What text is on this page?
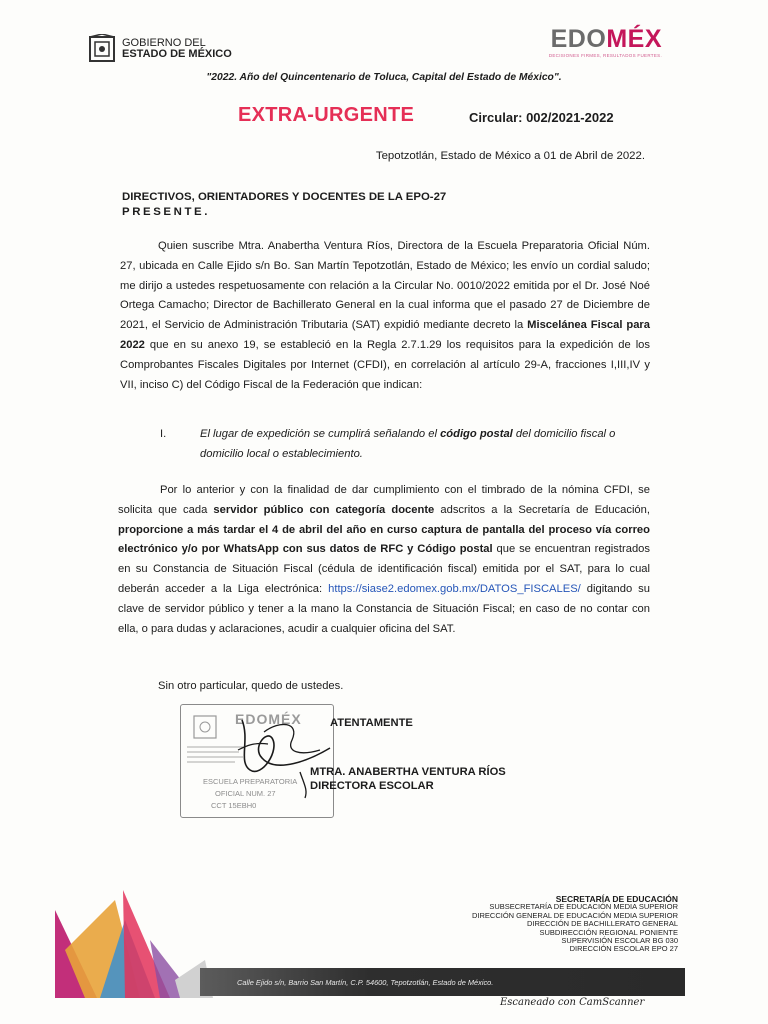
GOBIERNO DEL
ESTADO DE MÉXICO
EDOMÉX
DECISIONES FIRMES, RESULTADOS FUERTES.
"2022. Año del Quincentenario de Toluca, Capital del Estado de México".
EXTRA-URGENTE	Circular: 002/2021-2022
Tepotzotlán, Estado de México a 01 de Abril de 2022.
DIRECTIVOS, ORIENTADORES Y DOCENTES DE LA EPO-27
PRESENTE.
Quien suscribe Mtra. Anabertha Ventura Ríos, Directora de la Escuela Preparatoria Oficial Núm. 27, ubicada en Calle Ejido s/n Bo. San Martín Tepotzotlán, Estado de México; les envío un cordial saludo; me dirijo a ustedes respetuosamente con relación a la Circular No. 0010/2022 emitida por el Dr. José Noé Ortega Camacho; Director de Bachillerato General en la cual informa que el pasado 27 de Diciembre de 2021, el Servicio de Administración Tributaria (SAT) expidió mediante decreto la Miscelánea Fiscal para 2022 que en su anexo 19, se estableció en la Regla 2.7.1.29 los requisitos para la expedición de los Comprobantes Fiscales Digitales por Internet (CFDI), en correlación al artículo 29-A, fracciones I,III,IV y VII, inciso C) del Código Fiscal de la Federación que indican:
I.	El lugar de expedición se cumplirá señalando el código postal del domicilio fiscal o domicilio local o establecimiento.
Por lo anterior y con la finalidad de dar cumplimiento con el timbrado de la nómina CFDI, se solicita que cada servidor público con categoría docente adscritos a la Secretaría de Educación, proporcione a más tardar el 4 de abril del año en curso captura de pantalla del proceso vía correo electrónico y/o por WhatsApp con sus datos de RFC y Código postal que se encuentran registrados en su Constancia de Situación Fiscal (cédula de identificación fiscal) emitida por el SAT, para lo cual deberán acceder a la Liga electrónica: https://siase2.edomex.gob.mx/DATOS_FISCALES/ digitando su clave de servidor público y tener a la mano la Constancia de Situación Fiscal; en caso de no contar con ella, o para dudas y aclaraciones, acudir a cualquier oficina del SAT.
Sin otro particular, quedo de ustedes.
EDOMÉX
ESCUELA PREPARATORIA
OFICIAL NUM. 27
CCT 15EBH0
ATENTAMENTE
MTRA. ANABERTHA VENTURA RÍOS
DIRECTORA ESCOLAR
SECRETARÍA DE EDUCACIÓN
SUBSECRETARÍA DE EDUCACIÓN MEDIA SUPERIOR
DIRECCIÓN GENERAL DE EDUCACIÓN MEDIA SUPERIOR
DIRECCIÓN DE BACHILLERATO GENERAL
SUBDIRECCIÓN REGIONAL PONIENTE
SUPERVISIÓN ESCOLAR BG 030
DIRECCIÓN ESCOLAR EPO 27
Calle Ejido s/n, Barrio San Martín, C.P. 54600, Tepotzotlán, Estado de México.
Escaneado con CamScanner
